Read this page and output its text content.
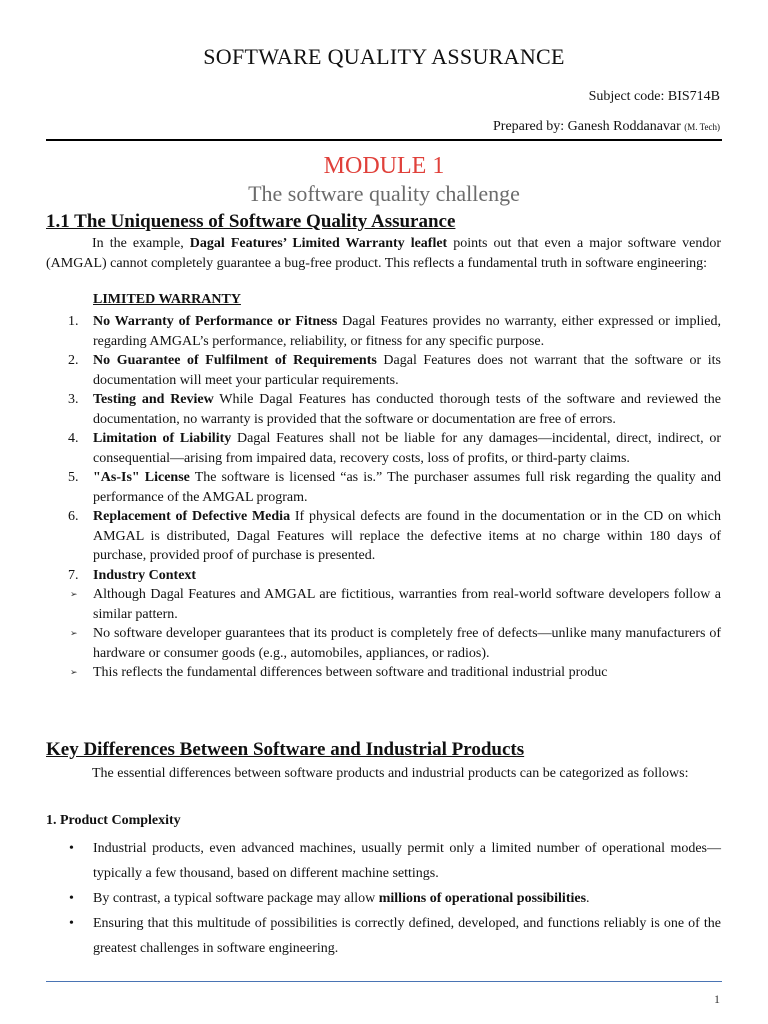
SOFTWARE QUALITY ASSURANCE
Subject code: BIS714B
Prepared by: Ganesh Roddanavar (M. Tech)
MODULE 1
The software quality challenge
1.1 The Uniqueness of Software Quality Assurance
In the example, Dagal Features’ Limited Warranty leaflet points out that even a major software vendor (AMGAL) cannot completely guarantee a bug-free product. This reflects a fundamental truth in software engineering:
LIMITED WARRANTY
1. No Warranty of Performance or Fitness Dagal Features provides no warranty, either expressed or implied, regarding AMGAL’s performance, reliability, or fitness for any specific purpose.
2. No Guarantee of Fulfilment of Requirements Dagal Features does not warrant that the software or its documentation will meet your particular requirements.
3. Testing and Review While Dagal Features has conducted thorough tests of the software and reviewed the documentation, no warranty is provided that the software or documentation are free of errors.
4. Limitation of Liability Dagal Features shall not be liable for any damages—incidental, direct, indirect, or consequential—arising from impaired data, recovery costs, loss of profits, or third-party claims.
5. "As-Is" License The software is licensed “as is.” The purchaser assumes full risk regarding the quality and performance of the AMGAL program.
6. Replacement of Defective Media If physical defects are found in the documentation or in the CD on which AMGAL is distributed, Dagal Features will replace the defective items at no charge within 180 days of purchase, provided proof of purchase is presented.
7. Industry Context
➢ Although Dagal Features and AMGAL are fictitious, warranties from real-world software developers follow a similar pattern.
➢ No software developer guarantees that its product is completely free of defects—unlike many manufacturers of hardware or consumer goods (e.g., automobiles, appliances, or radios).
➢ This reflects the fundamental differences between software and traditional industrial produc
Key Differences Between Software and Industrial Products
The essential differences between software products and industrial products can be categorized as follows:
1. Product Complexity
• Industrial products, even advanced machines, usually permit only a limited number of operational modes—typically a few thousand, based on different machine settings.
• By contrast, a typical software package may allow millions of operational possibilities.
• Ensuring that this multitude of possibilities is correctly defined, developed, and functions reliably is one of the greatest challenges in software engineering.
1
